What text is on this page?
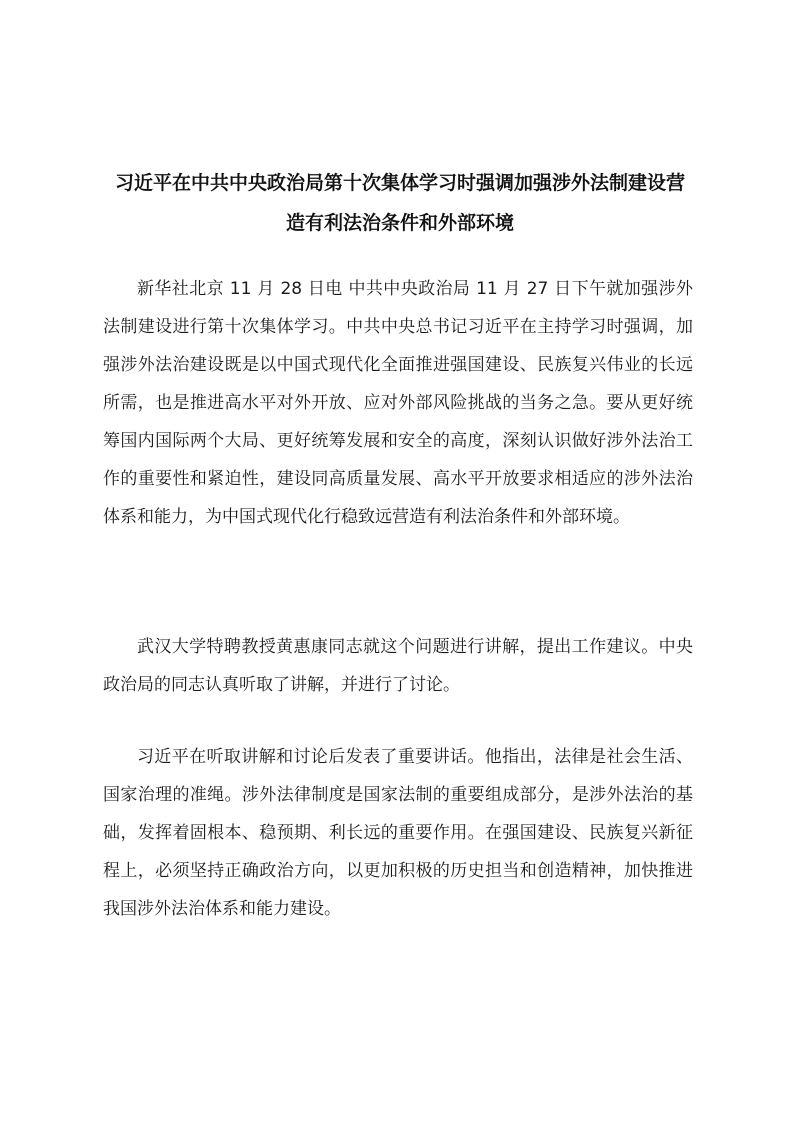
习近平在中共中央政治局第十次集体学习时强调加强涉外法制建设营
造有利法治条件和外部环境

新华社北京 11 月 28 日电 中共中央政治局 11 月 27 日下午就加强涉外法制建设进行第十次集体学习。中共中央总书记习近平在主持学习时强调，加强涉外法治建设既是以中国式现代化全面推进强国建设、民族复兴伟业的长远所需，也是推进高水平对外开放、应对外部风险挑战的当务之急。要从更好统筹国内国际两个大局、更好统筹发展和安全的高度，深刻认识做好涉外法治工作的重要性和紧迫性，建设同高质量发展、高水平开放要求相适应的涉外法治体系和能力，为中国式现代化行稳致远营造有利法治条件和外部环境。

武汉大学特聘教授黄惠康同志就这个问题进行讲解，提出工作建议。中央政治局的同志认真听取了讲解，并进行了讨论。

习近平在听取讲解和讨论后发表了重要讲话。他指出，法律是社会生活、国家治理的准绳。涉外法律制度是国家法制的重要组成部分，是涉外法治的基础，发挥着固根本、稳预期、利长远的重要作用。在强国建设、民族复兴新征程上，必须坚持正确政治方向，以更加积极的历史担当和创造精神，加快推进我国涉外法治体系和能力建设。
